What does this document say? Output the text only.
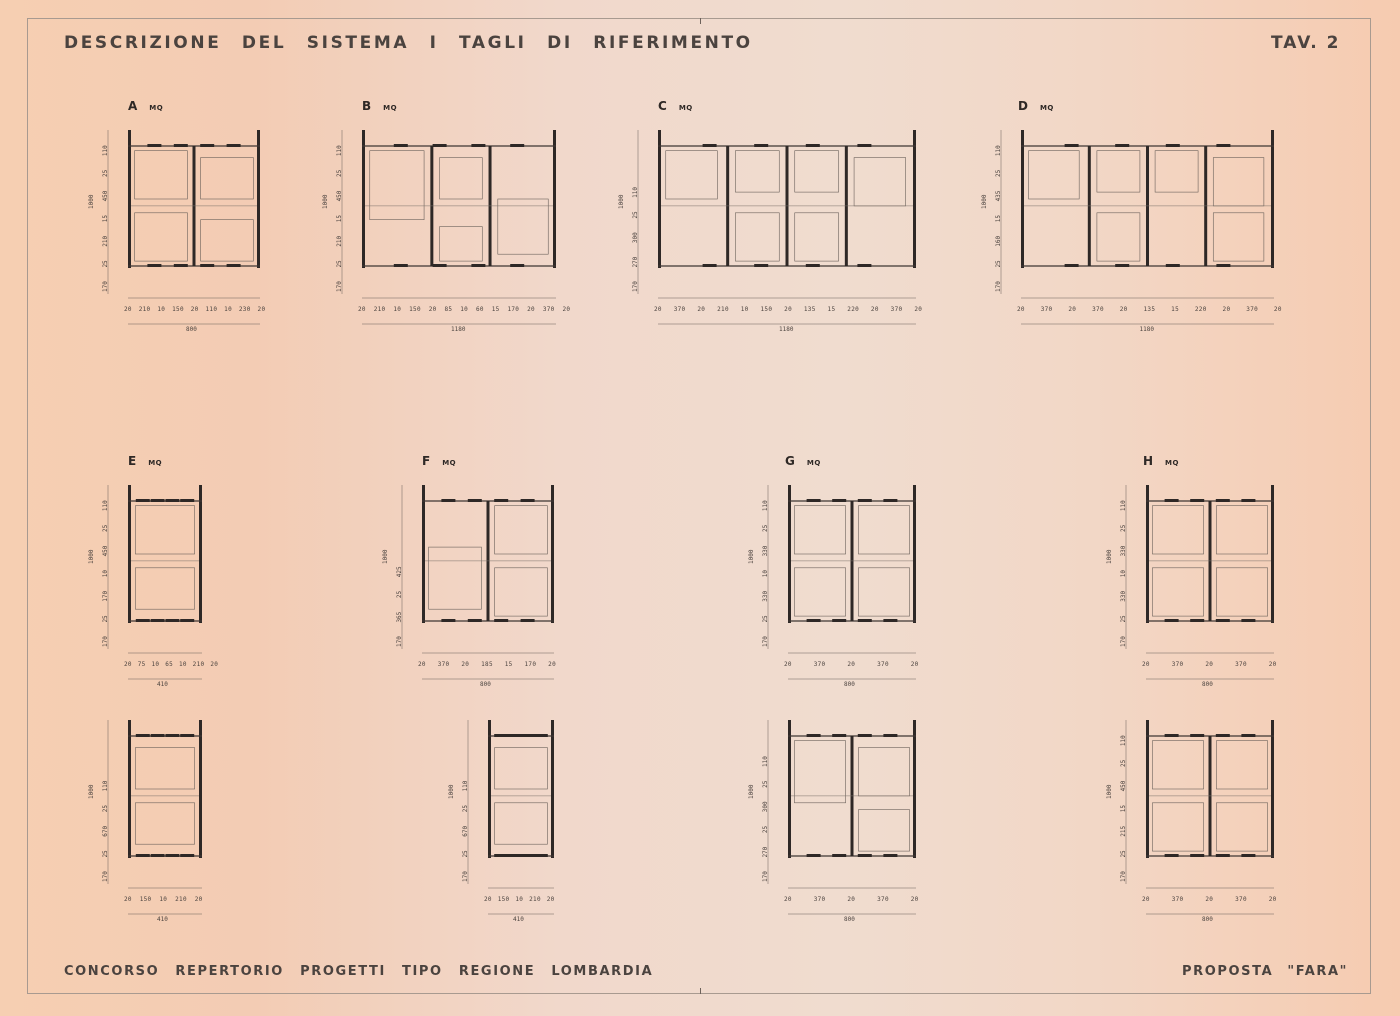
DESCRIZIONE DEL SISTEMA I TAGLI DI RIFERIMENTO	TAV. 2
CONCORSO REPERTORIO PROGETTI TIPO REGIONE LOMBARDIA	PROPOSTA "FARA"
A MQ
20 210 10 150 20 110 10 230 20
800
170 25 210 15 450 25 110
1000
B MQ
20 210 10 150 20 85 10 60 15 170 20 370 20
1180
170 25 210 15 450 25 110
1000
C MQ
20 370 20 210 10 150 20 135 15 220 20 370 20
1180
170 270 300 25 110
1000
D MQ
20 370 20 370 20 135 15 220 20 370 20
1180
170 25 160 15 435 25 110
1000
E MQ
20 75 10 65 10 210 20
410
170 25 170 10 450 25 110
1000
F MQ
20 370 20 185 15 170 20
800
170 365 25 425
1000
G MQ
20 370 20 370 20
800
170 25 330 10 330 25 110
1000
H MQ
20 370 20 370 20
800
170 25 330 10 330 25 110
1000
20 150 10 210 20
410
170 25 670 25 110
1000
20 150 10 210 20
410
170 25 670 25 110
1000
20 370 20 370 20
800
170 270 25 300 25 110
1000
20 370 20 370 20
800
170 25 215 15 450 25 110
1000
